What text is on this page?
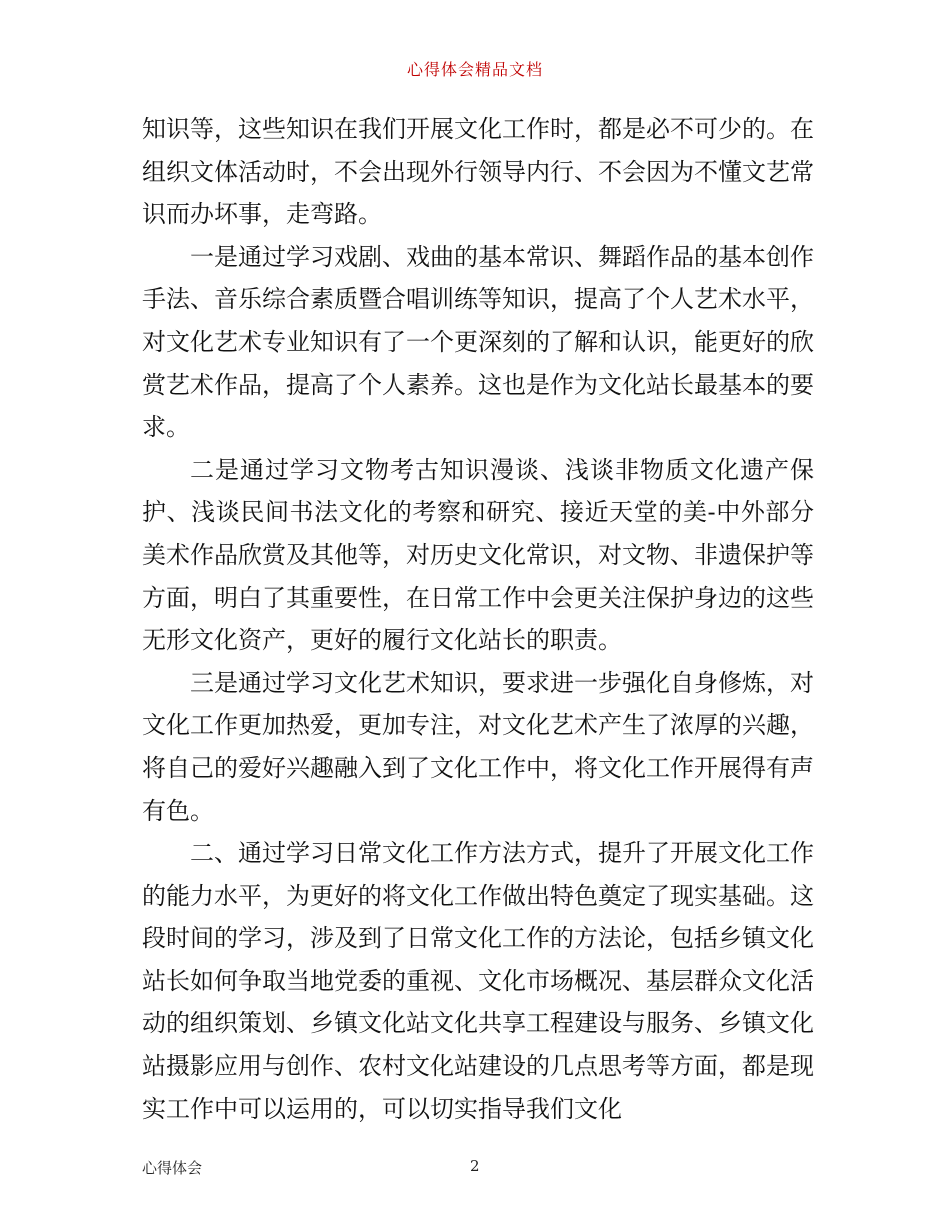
心得体会精品文档

知识等，这些知识在我们开展文化工作时，都是必不可少的。在组织文体活动时，不会出现外行领导内行、不会因为不懂文艺常识而办坏事，走弯路。

一是通过学习戏剧、戏曲的基本常识、舞蹈作品的基本创作手法、音乐综合素质暨合唱训练等知识，提高了个人艺术水平，对文化艺术专业知识有了一个更深刻的了解和认识，能更好的欣赏艺术作品，提高了个人素养。这也是作为文化站长最基本的要求。

二是通过学习文物考古知识漫谈、浅谈非物质文化遗产保护、浅谈民间书法文化的考察和研究、接近天堂的美-中外部分美术作品欣赏及其他等，对历史文化常识，对文物、非遗保护等方面，明白了其重要性，在日常工作中会更关注保护身边的这些无形文化资产，更好的履行文化站长的职责。

三是通过学习文化艺术知识，要求进一步强化自身修炼，对文化工作更加热爱，更加专注，对文化艺术产生了浓厚的兴趣，将自己的爱好兴趣融入到了文化工作中，将文化工作开展得有声有色。

二、通过学习日常文化工作方法方式，提升了开展文化工作的能力水平，为更好的将文化工作做出特色奠定了现实基础。这段时间的学习，涉及到了日常文化工作的方法论，包括乡镇文化站长如何争取当地党委的重视、文化市场概况、基层群众文化活动的组织策划、乡镇文化站文化共享工程建设与服务、乡镇文化站摄影应用与创作、农村文化站建设的几点思考等方面，都是现实工作中可以运用的，可以切实指导我们文化

心得体会	2
